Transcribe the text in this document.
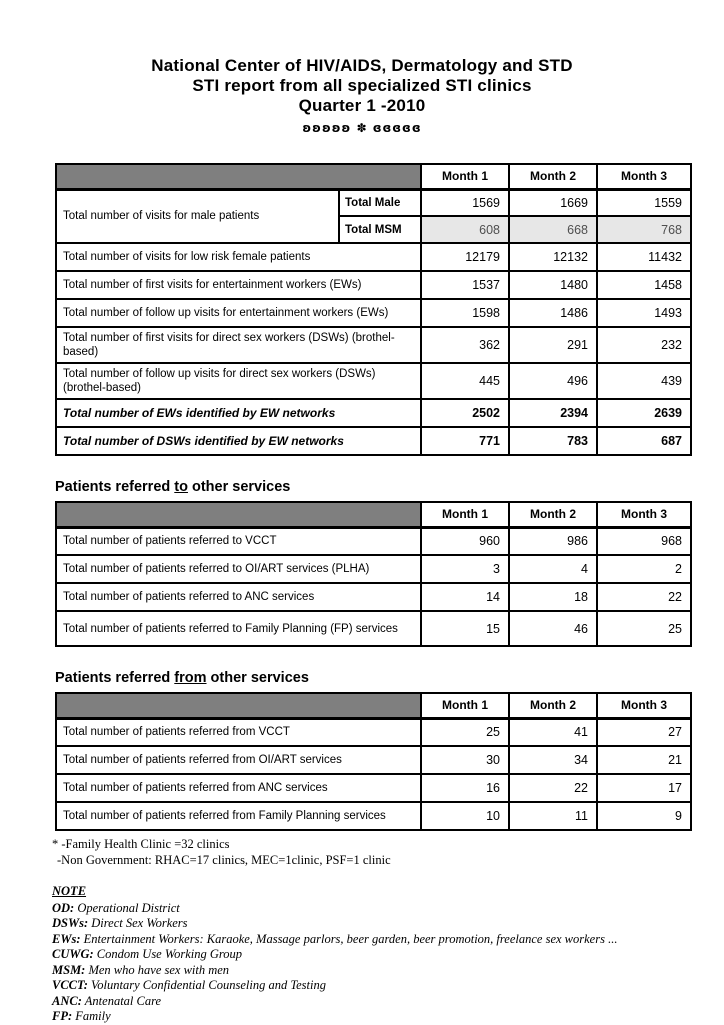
National Center of HIV/AIDS, Dermatology and STD
STI report from all specialized STI clinics
Quarter 1 -2010
ʚʚʚʚʚ ✽ ɞɞɞɞɞ
		Month 1	Month 2	Month 3
Total number of visits for male patients	Total Male	1569	1669	1559
	Total MSM	608	668	768
Total number of visits for low risk female patients		12179	12132	11432
Total number of first visits for entertainment workers (EWs)		1537	1480	1458
Total number of follow up visits for entertainment workers (EWs)		1598	1486	1493
Total number of first visits for direct sex workers (DSWs) (brothel-based)		362	291	232
Total number of follow up visits for direct sex workers (DSWs) (brothel-based)		445	496	439
Total number of EWs identified by EW networks		2502	2394	2639
Total number of DSWs identified by EW networks		771	783	687
Patients referred to other services
	Month 1	Month 2	Month 3
Total number of patients referred to VCCT	960	986	968
Total number of patients referred to OI/ART services (PLHA)	3	4	2
Total number of patients referred to ANC services	14	18	22
Total number of patients referred to Family Planning (FP) services	15	46	25
Patients referred from other services
	Month 1	Month 2	Month 3
Total number of patients referred from VCCT	25	41	27
Total number of patients referred from OI/ART services	30	34	21
Total number of patients referred from ANC services	16	22	17
Total number of patients referred from Family Planning services	10	11	9
* -Family Health Clinic =32 clinics
-Non Government: RHAC=17 clinics, MEC=1clinic, PSF=1 clinic
NOTE
OD: Operational District
DSWs: Direct Sex Workers
EWs: Entertainment Workers: Karaoke, Massage parlors, beer garden, beer promotion, freelance sex workers ...
CUWG: Condom Use Working Group
MSM: Men who have sex with men
VCCT: Voluntary Confidential Counseling and Testing
ANC: Antenatal Care
FP: Family
